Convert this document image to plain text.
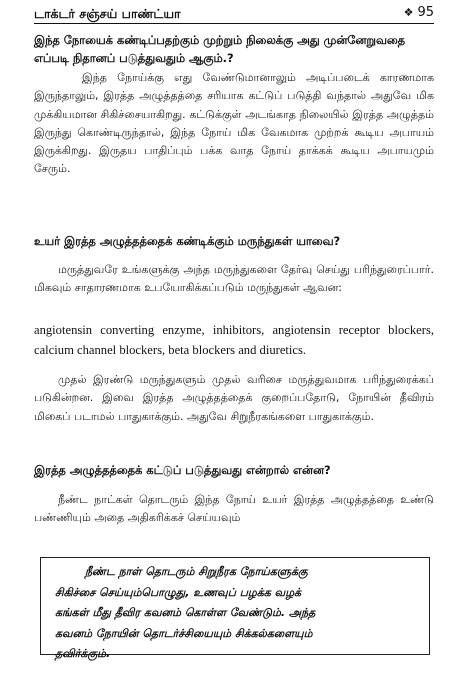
டாக்டர் சஞ்சய் பாண்ட்யா	❖ 95
இந்த நோயைக் கண்டிப்பதற்கும் முற்றும் நிலைக்கு அது முன்னேறுவதை எப்படி நிதானப் படுத்துவதும் ஆகும்.?
இந்த நோய்க்கு எது வேண்டுமானாலும் அடிப்படைக் காரணமாக இருந்தாலும், இரத்த அழுத்தத்தை சரியாக கட்டுப் படுத்தி வந்தால் அதுவே மிக முக்கியமான சிகிச்சையாகிறது. கட்டுக்குள் அடங்காத நிலையில் இரத்த அழுத்தம் இருந்து கொண்டிருந்தால், இந்த நோய் மிக வேகமாக முற்றக் கூடிய அபாயம் இருக்கிறது. இருதய பாதிப்பும் பக்க வாத நோய் தாக்கக் கூடிய அபாயமும் சேரும்.
உயர் இரத்த அழுத்தத்தைக் கண்டிக்கும் மருந்துகள் யாவை?
மருத்துவரே உங்களுக்கு அந்த மருந்துகளை தேர்வு செய்து பரிந்துரைப்பார். மிகவும் சாதாரணமாக உபயோகிக்கப்படும் மருந்துகள் ஆவன:
angiotensin converting enzyme, inhibitors, angiotensin receptor blockers, calcium channel blockers, beta blockers and diuretics.
முதல் இரண்டு மருந்துகளும் முதல் வரிசை மருத்துவமாக பரிந்துரைக்கப் படுகின்றன. இவை இரத்த அழுத்தத்தைக் குறைப்பதோடு, நோயின் தீவிரம் மிகைப் படாமல் பாதுகாக்கும். அதுவே சிறுநீரகங்களை பாதுகாக்கும்.
இரத்த அழுத்தத்தைக் கட்டுப் படுத்துவது என்றால் என்ன?
நீண்ட நாட்கள் தொடரும் இந்த நோய் உயர் இரத்த அழுத்தத்தை உண்டு பண்ணியும் அதை அதிகரிக்கச் செய்யவும்
நீண்ட நாள் தொடரும் சிறுநீரக நோய்களுக்கு
சிகிச்சை செய்யும்பொழுது, உணவுப் பழக்க வழக்
கங்கள் மீது தீவிர கவனம் கொள்ள வேண்டும். அந்த
கவனம் நோயின் தொடர்ச்சியையும் சிக்கல்களையும்
தவிர்க்கும்.
